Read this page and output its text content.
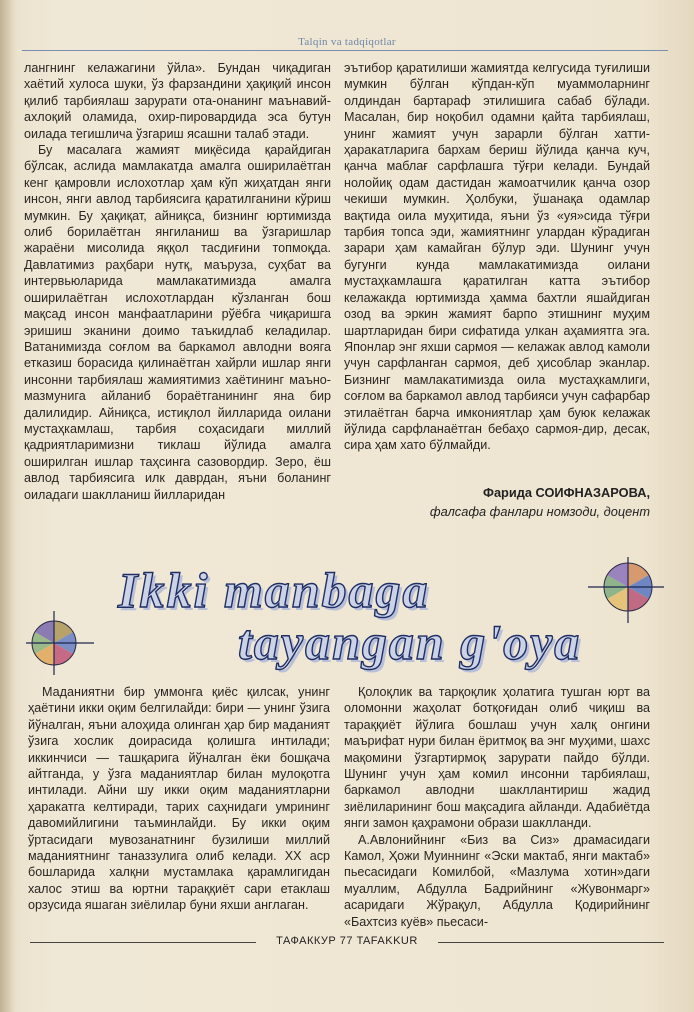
Talqin va tadqiqotlar

лангнинг келажагини ўйла». Бундан чиқадиган хаётий хулоса шуки, ўз фарзандини ҳақиқий инсон қилиб тарбиялаш зарурати ота-онанинг маънавий-ахлоқий оламида, охир-пировардида эса бутун оилада тегишлича ўзгариш ясашни талаб этади.

Бу масалага жамият миқёсида қарайдиган бўлсак, аслида мамлакатда амалга оширилаётган кенг қамровли ислохотлар ҳам кўп жиҳатдан янги инсон, янги авлод тарбиясига қаратилганини кўриш мумкин. Бу ҳақиқат, айниқса, бизнинг юртимизда олиб борилаётган янгиланиш ва ўзгаришлар жараёни мисолида яққол тасдиғини топмоқда. Давлатимиз раҳбари нутқ, маъруза, суҳбат ва интервьюларида мамлакатимизда амалга оширилаётган ислохотлардан кўзланган бош мақсад инсон манфаатларини рўёбга чиқаришга эришиш эканини доимо таъкидлаб келадилар. Ватанимизда соғлом ва баркамол авлодни вояга етказиш борасида қилинаётган хайрли ишлар янги инсонни тарбиялаш жамиятимиз хаётининг маъно-мазмунига айланиб бораётганининг яна бир далилидир. Айниқса, истиқлол йилларида оилани мустаҳкамлаш, тарбия соҳасидаги миллий қадриятларимизни тиклаш йўлида амалга оширилган ишлар таҳсинга сазовордир. Зеро, ёш авлод тарбиясига илк даврдан, яъни боланинг оиладаги шаклланиш йилларидан

эътибор қаратилиши жамиятда келгусида туғилиши мумкин бўлган кўпдан-кўп муаммоларнинг олдиндан бартараф этилишига сабаб бўлади. Масалан, бир ноқобил одамни қайта тарбиялаш, унинг жамият учун зарарли бўлган хатти-ҳаракатларига бархам бериш йўлида қанча куч, қанча маблағ сарфлашга тўғри келади. Бундай нолойиқ одам дастидан жамоатчилик қанча озор чекиши мумкин. Ҳолбуки, ўшанақа одамлар вақтида оила муҳитида, яъни ўз «уя»сида тўғри тарбия топса эди, жамиятнинг улардан кўрадиган зарари ҳам камайган бўлур эди. Шунинг учун бугунги кунда мамлакатимизда оилани мустаҳкамлашга қаратилган катта эътибор келажакда юртимизда ҳамма бахтли яшайдиган озод ва эркин жамият барпо этишнинг муҳим шартларидан бири сифатида улкан аҳамиятга эга. Японлар энг яхши сармоя — келажак авлод камоли учун сарфланган сармоя, деб ҳисоблар эканлар. Бизнинг мамлакатимизда оила мустаҳкамлиги, соғлом ва баркамол авлод тарбияси учун сафарбар этилаётган барча имкониятлар ҳам буюк келажак йўлида сарфланаётган бебаҳо сармоя-дир, десак, сира ҳам хато бўлмайди.

Фарида СОИФНАЗАРОВА,
фалсафа фанлари номзоди, доцент
Ikki manbaga
tayangan g'oya

Маданиятни бир уммонга қиёс қилсак, унинг ҳаётини икки оқим белгилайди: бири — унинг ўзига йўналган, яъни алоҳида олинган ҳар бир маданият ўзига хослик доирасида қолишга интилади; иккинчиси — ташқарига йўналган ёки бошқача айтганда, у ўзга маданиятлар билан мулоқотга интилади. Айни шу икки оқим маданиятларни ҳаракатга келтиради, тарих саҳнидаги умрининг давомийлигини таъминлайди. Бу икки оқим ўртасидаги мувозанатнинг бузилиши миллий маданиятнинг таназзулига олиб келади. XX аср бошларида халқни мустамлака қарамлигидан халос этиш ва юртни тараққиёт сари етаклаш орзусида яшаган зиёлилар буни яхши англаган.

Қолоқлик ва тарқоқлик ҳолатига тушган юрт ва оломонни жаҳолат ботқоғидан олиб чиқиш ва тараққиёт йўлига бошлаш учун халқ онгини маърифат нури билан ёритмоқ ва энг муҳими, шахс мақомини ўзгартирмоқ зарурати пайдо бўлди. Шунинг учун ҳам комил инсонни тарбиялаш, баркамол авлодни шакллантириш жадид зиёлиларининг бош мақсадига айланди. Адабиётда янги замон қаҳрамони образи шаклланди.

А.Авлонийнинг «Биз ва Сиз» драмасидаги Камол, Ҳожи Муиннинг «Эски мактаб, янги мактаб» пьесасидаги Комилбой, «Мазлума хотин»даги муаллим, Абдулла Бадрийнинг «Жувонмарг» асаридаги Жўрақул, Абдулла Қодирийнинг «Бахтсиз куёв» пьесаси-

ТАФАККУР 77 TAFAKKUR
